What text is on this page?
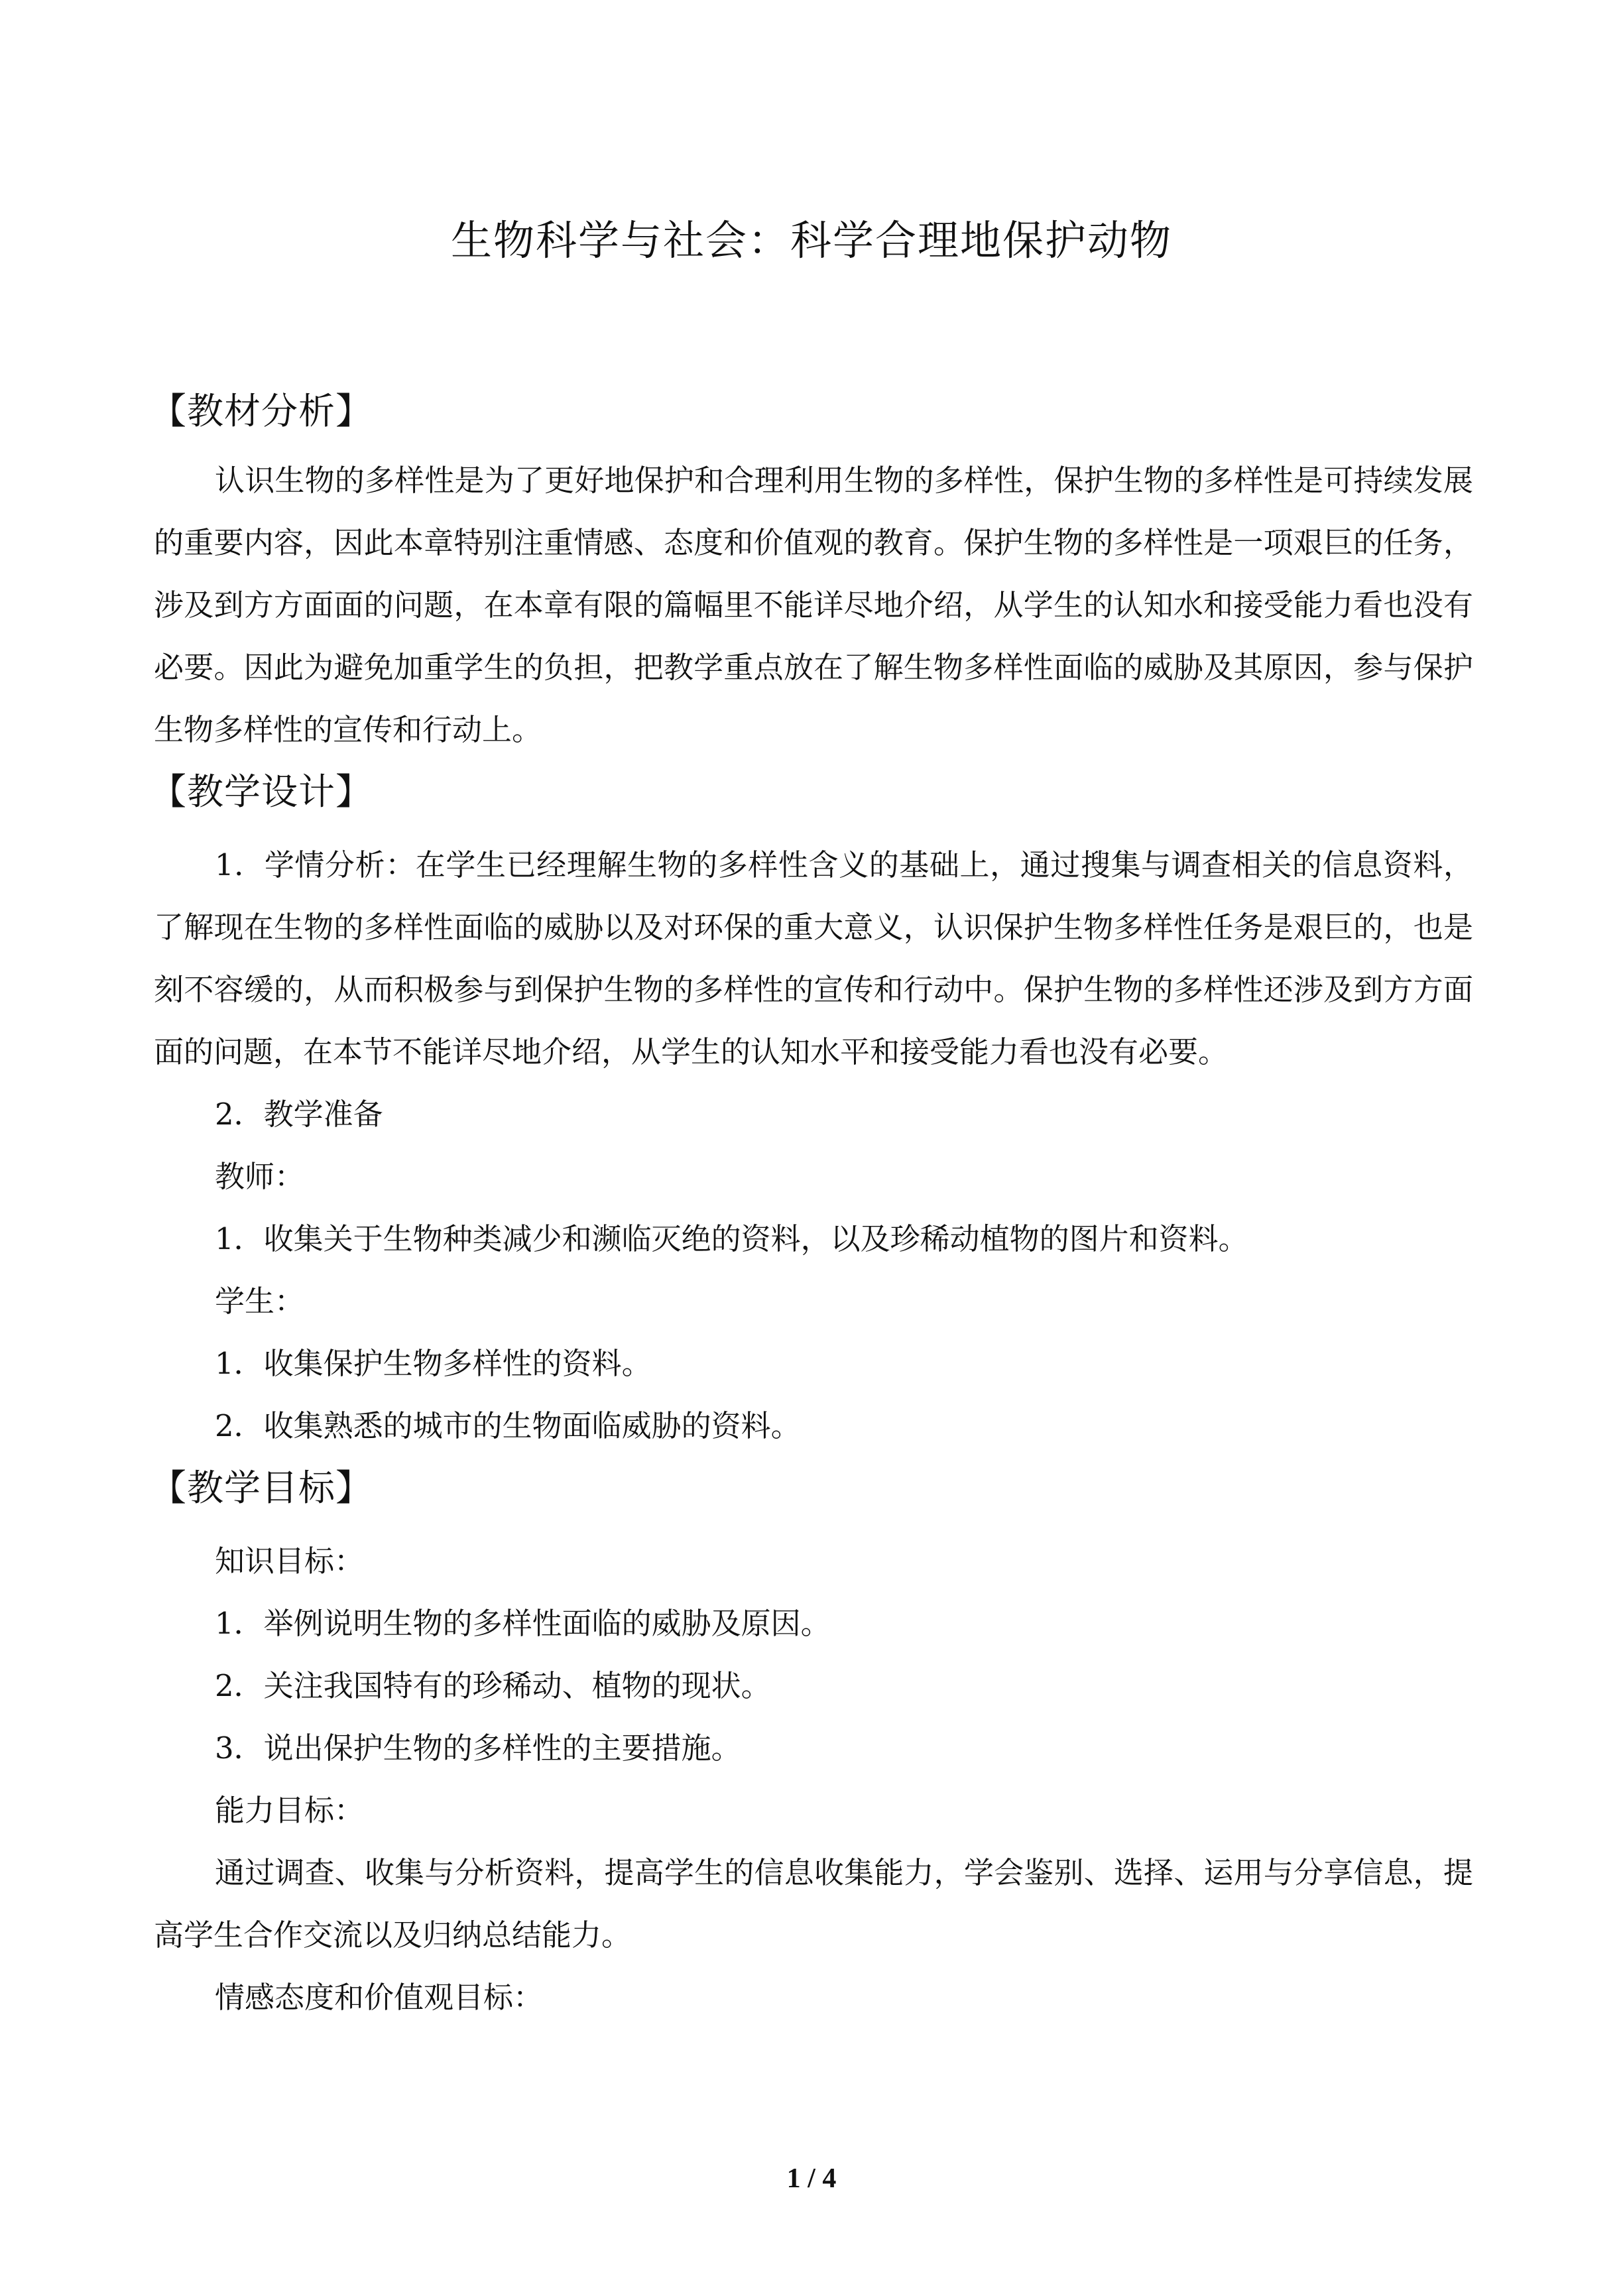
生物科学与社会：科学合理地保护动物
【教材分析】

认识生物的多样性是为了更好地保护和合理利用生物的多样性，保护生物的多样性是可持续发展的重要内容，因此本章特别注重情感、态度和价值观的教育。保护生物的多样性是一项艰巨的任务，涉及到方方面面的问题，在本章有限的篇幅里不能详尽地介绍，从学生的认知水和接受能力看也没有必要。因此为避免加重学生的负担，把教学重点放在了解生物多样性面临的威胁及其原因，参与保护生物多样性的宣传和行动上。

【教学设计】

1．学情分析：在学生已经理解生物的多样性含义的基础上，通过搜集与调查相关的信息资料，了解现在生物的多样性面临的威胁以及对环保的重大意义，认识保护生物多样性任务是艰巨的，也是刻不容缓的，从而积极参与到保护生物的多样性的宣传和行动中。保护生物的多样性还涉及到方方面面的问题，在本节不能详尽地介绍，从学生的认知水平和接受能力看也没有必要。

2．教学准备

教师：

1．收集关于生物种类减少和濒临灭绝的资料，以及珍稀动植物的图片和资料。

学生：

1．收集保护生物多样性的资料。

2．收集熟悉的城市的生物面临威胁的资料。

【教学目标】

知识目标：

1．举例说明生物的多样性面临的威胁及原因。

2．关注我国特有的珍稀动、植物的现状。

3．说出保护生物的多样性的主要措施。

能力目标：

通过调查、收集与分析资料，提高学生的信息收集能力，学会鉴别、选择、运用与分享信息，提高学生合作交流以及归纳总结能力。

情感态度和价值观目标：

1 / 4
